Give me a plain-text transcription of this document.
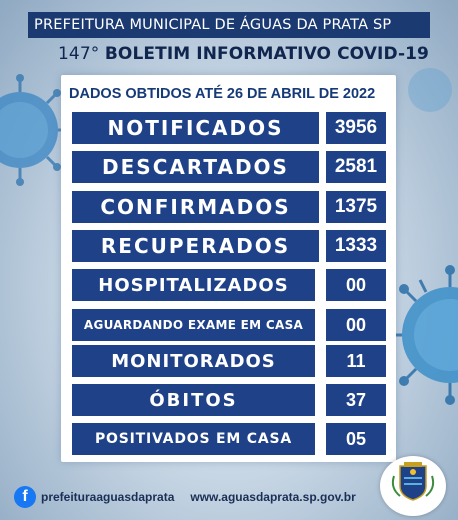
PREFEITURA MUNICIPAL DE ÁGUAS DA PRATA SP
147° BOLETIM INFORMATIVO COVID-19
DADOS OBTIDOS ATÉ 26 DE ABRIL DE 2022
NOTIFICADOS	3956
DESCARTADOS	2581
CONFIRMADOS	1375
RECUPERADOS	1333
HOSPITALIZADOS	00
AGUARDANDO EXAME EM CASA	00
MONITORADOS	11
ÓBITOS	37
POSITIVADOS EM CASA	05
f	prefeituraaguasdaprata www.aguasdaprata.sp.gov.br
